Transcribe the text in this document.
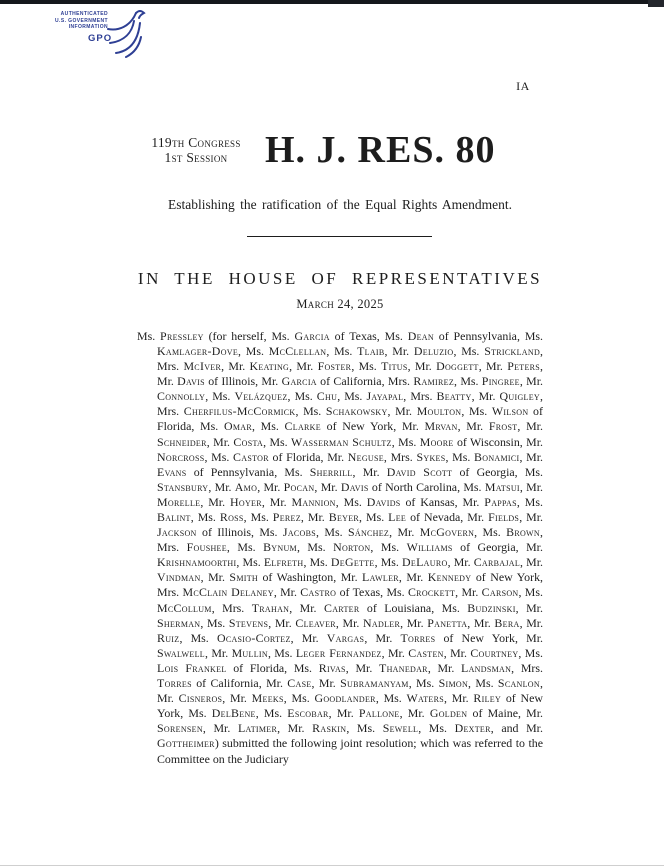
AUTHENTICATED
U.S. GOVERNMENT
INFORMATION
GPO
IA
119th Congress
1st Session H. J. RES. 80
Establishing the ratification of the Equal Rights Amendment.
IN THE HOUSE OF REPRESENTATIVES
March 24, 2025

Ms. Pressley (for herself, Ms. Garcia of Texas, Ms. Dean of Pennsylvania, Ms. Kamlager-Dove, Ms. McClellan, Ms. Tlaib, Mr. Deluzio, Ms. Strickland, Mrs. McIver, Mr. Keating, Mr. Foster, Ms. Titus, Mr. Doggett, Mr. Peters, Mr. Davis of Illinois, Mr. Garcia of California, Mrs. Ramirez, Ms. Pingree, Mr. Connolly, Ms. Velázquez, Ms. Chu, Ms. Jayapal, Mrs. Beatty, Mr. Quigley, Mrs. Cherfilus-McCormick, Ms. Schakowsky, Mr. Moulton, Ms. Wilson of Florida, Ms. Omar, Ms. Clarke of New York, Mr. Mrvan, Mr. Frost, Mr. Schneider, Mr. Costa, Ms. Wasserman Schultz, Ms. Moore of Wisconsin, Mr. Norcross, Ms. Castor of Florida, Mr. Neguse, Mrs. Sykes, Ms. Bonamici, Mr. Evans of Pennsylvania, Ms. Sherrill, Mr. David Scott of Georgia, Ms. Stansbury, Mr. Amo, Mr. Pocan, Mr. Davis of North Carolina, Ms. Matsui, Mr. Morelle, Mr. Hoyer, Mr. Mannion, Ms. Davids of Kansas, Mr. Pappas, Ms. Balint, Ms. Ross, Ms. Perez, Mr. Beyer, Ms. Lee of Nevada, Mr. Fields, Mr. Jackson of Illinois, Ms. Jacobs, Ms. Sánchez, Mr. McGovern, Ms. Brown, Mrs. Foushee, Ms. Bynum, Ms. Norton, Ms. Williams of Georgia, Mr. Krishnamoorthi, Ms. Elfreth, Ms. DeGette, Ms. DeLauro, Mr. Carbajal, Mr. Vindman, Mr. Smith of Washington, Mr. Lawler, Mr. Kennedy of New York, Mrs. McClain Delaney, Mr. Castro of Texas, Ms. Crockett, Mr. Carson, Ms. McCollum, Mrs. Trahan, Mr. Carter of Louisiana, Ms. Budzinski, Mr. Sherman, Ms. Stevens, Mr. Cleaver, Mr. Nadler, Mr. Panetta, Mr. Bera, Mr. Ruiz, Ms. Ocasio-Cortez, Mr. Vargas, Mr. Torres of New York, Mr. Swalwell, Mr. Mullin, Ms. Leger Fernandez, Mr. Casten, Mr. Courtney, Ms. Lois Frankel of Florida, Ms. Rivas, Mr. Thanedar, Mr. Landsman, Mrs. Torres of California, Mr. Case, Mr. Subramanyam, Ms. Simon, Ms. Scanlon, Mr. Cisneros, Mr. Meeks, Ms. Goodlander, Ms. Waters, Mr. Riley of New York, Ms. DelBene, Ms. Escobar, Mr. Pallone, Mr. Golden of Maine, Mr. Sorensen, Mr. Latimer, Mr. Raskin, Ms. Sewell, Ms. Dexter, and Mr. Gottheimer) submitted the following joint resolution; which was referred to the Committee on the Judiciary
